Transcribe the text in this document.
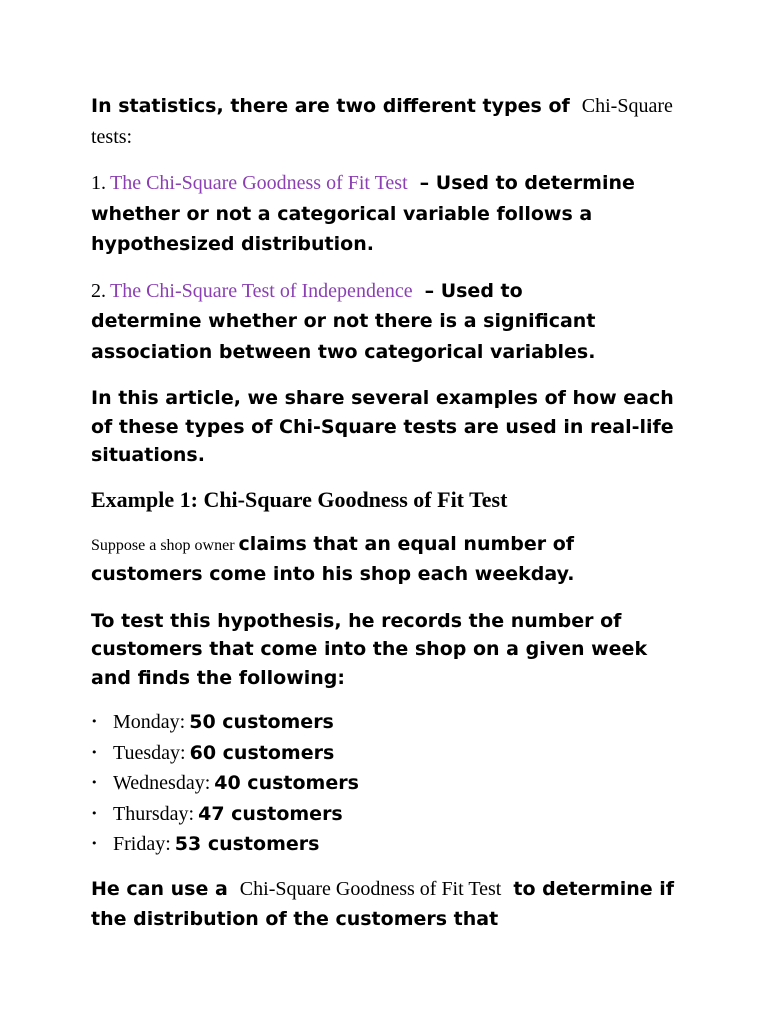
In statistics, there are two different types of Chi-Square tests:

1. The Chi-Square Goodness of Fit Test – Used to determine whether or not a categorical variable follows a hypothesized distribution.

2. The Chi-Square Test of Independence – Used to
determine whether or not there is a significant association between two categorical variables.

In this article, we share several examples of how each of these types of Chi-Square tests are used in real-life situations.

Example 1: Chi-Square Goodness of Fit Test

Suppose a shop owner claims that an equal number of customers come into his shop each weekday.

To test this hypothesis, he records the number of customers that come into the shop on a given week and finds the following:

• Monday: 50 customers
• Tuesday: 60 customers
• Wednesday: 40 customers
• Thursday: 47 customers
• Friday: 53 customers

He can use a Chi-Square Goodness of Fit Test to determine if the distribution of the customers that
